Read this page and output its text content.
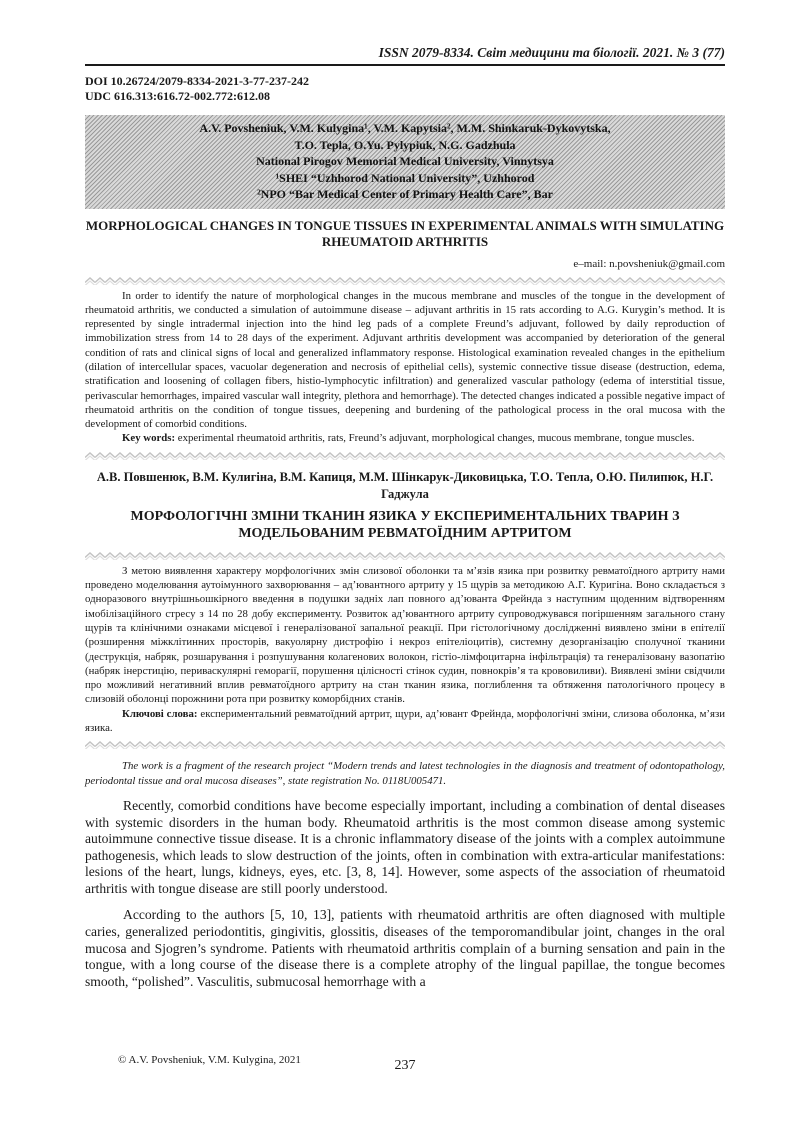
ISSN 2079-8334. Світ медицини та біології. 2021. № 3 (77)
DOI 10.26724/2079-8334-2021-3-77-237-242
UDC 616.313:616.72-002.772:612.08
A.V. Povsheniuk, V.M. Kulygina¹, V.M. Kapytsia², M.M. Shinkaruk-Dykovytska,
T.O. Tepla, O.Yu. Pylypiuk, N.G. Gadzhula
National Pirogov Memorial Medical University, Vinnytsya
¹SHEI “Uzhhorod National University”, Uzhhorod
²NPO “Bar Medical Center of Primary Health Care”, Bar
MORPHOLOGICAL CHANGES IN TONGUE TISSUES IN EXPERIMENTAL ANIMALS WITH SIMULATING RHEUMATOID ARTHRITIS
e–mail: n.povsheniuk@gmail.com

In order to identify the nature of morphological changes in the mucous membrane and muscles of the tongue in the development of rheumatoid arthritis, we conducted a simulation of autoimmune disease – adjuvant arthritis in 15 rats according to A.G. Kurygin’s method. It is represented by single intradermal injection into the hind leg pads of a complete Freund’s adjuvant, followed by daily reproduction of immobilization stress from 14 to 28 days of the experiment. Adjuvant arthritis development was accompanied by deterioration of the general condition of rats and clinical signs of local and generalized inflammatory response. Histological examination revealed changes in the epithelium (dilation of intercellular spaces, vacuolar degeneration and necrosis of epithelial cells), systemic connective tissue disease (destruction, edema, stratification and loosening of collagen fibers, histio-lymphocytic infiltration) and generalized vascular pathology (edema of interstitial tissue, perivascular hemorrhages, impaired vascular wall integrity, plethora and hemorrhage). The detected changes indicated a possible negative impact of rheumatoid arthritis on the condition of tongue tissues, deepening and burdening of the pathological process in the oral mucosa with the development of comorbid conditions.

Key words: experimental rheumatoid arthritis, rats, Freund’s adjuvant, morphological changes, mucous membrane, tongue muscles.

А.В. Повшенюк, В.М. Кулигіна, В.М. Капиця, М.М. Шінкарук-Диковицька, Т.О. Тепла, О.Ю. Пилипюк, Н.Г. Гаджула
МОРФОЛОГІЧНІ ЗМІНИ ТКАНИН ЯЗИКА У ЕКСПЕРИМЕНТАЛЬНИХ ТВАРИН З МОДЕЛЬОВАНИМ РЕВМАТОЇДНИМ АРТРИТОМ

З метою виявлення характеру морфологічних змін слизової оболонки та м’язів язика при розвитку ревматоїдного артриту нами проведено моделювання аутоімунного захворювання – ад’ювантного артриту у 15 щурів за методикою А.Г. Куригіна. Воно складається з одноразового внутрішньошкірного введення в подушки задніх лап повного ад’юванта Фрейнда з наступним щоденним відтворенням імобілізаційного стресу з 14 по 28 добу експерименту. Розвиток ад’ювантного артриту супроводжувався погіршенням загального стану щурів та клінічними ознаками місцевої і генералізованої запальної реакції. При гістологічному дослідженні виявлено зміни в епітелії (розширення міжклітинних просторів, вакуолярну дистрофію і некроз епітеліоцитів), системну дезорганізацію сполучної тканини (деструкція, набряк, розшарування і розпушування колагенових волокон, гістіо-лімфоцитарна інфільтрація) та генералізовану вазопатію (набряк інерстицію, периваскулярні геморагії, порушення цілісності стінок судин, повнокрів’я та крововиливи). Виявлені зміни свідчили про можливий негативний вплив ревматоїдного артриту на стан тканин язика, поглиблення та обтяження патологічного процесу в слизовій оболонці порожнини рота при розвитку коморбідних станів.

Ключові слова: експериментальний ревматоїдний артрит, щури, ад’ювант Фрейнда, морфологічні зміни, слизова оболонка, м’язи язика.

The work is a fragment of the research project “Modern trends and latest technologies in the diagnosis and treatment of odontopathology, periodontal tissue and oral mucosa diseases”, state registration No. 0118U005471.

Recently, comorbid conditions have become especially important, including a combination of dental diseases with systemic disorders in the human body. Rheumatoid arthritis is the most common disease among systemic autoimmune connective tissue disease. It is a chronic inflammatory disease of the joints with a complex autoimmune pathogenesis, which leads to slow destruction of the joints, often in combination with extra-articular manifestations: lesions of the heart, lungs, kidneys, eyes, etc. [3, 8, 14]. However, some aspects of the association of rheumatoid arthritis with tongue disease are still poorly understood.

According to the authors [5, 10, 13], patients with rheumatoid arthritis are often diagnosed with multiple caries, generalized periodontitis, gingivitis, glossitis, diseases of the temporomandibular joint, changes in the oral mucosa and Sjogren’s syndrome. Patients with rheumatoid arthritis complain of a burning sensation and pain in the tongue, with a long course of the disease there is a complete atrophy of the lingual papillae, the tongue becomes smooth, “polished”. Vasculitis, submucosal hemorrhage with a

© A.V. Povsheniuk, V.M. Kulygina, 2021	237
